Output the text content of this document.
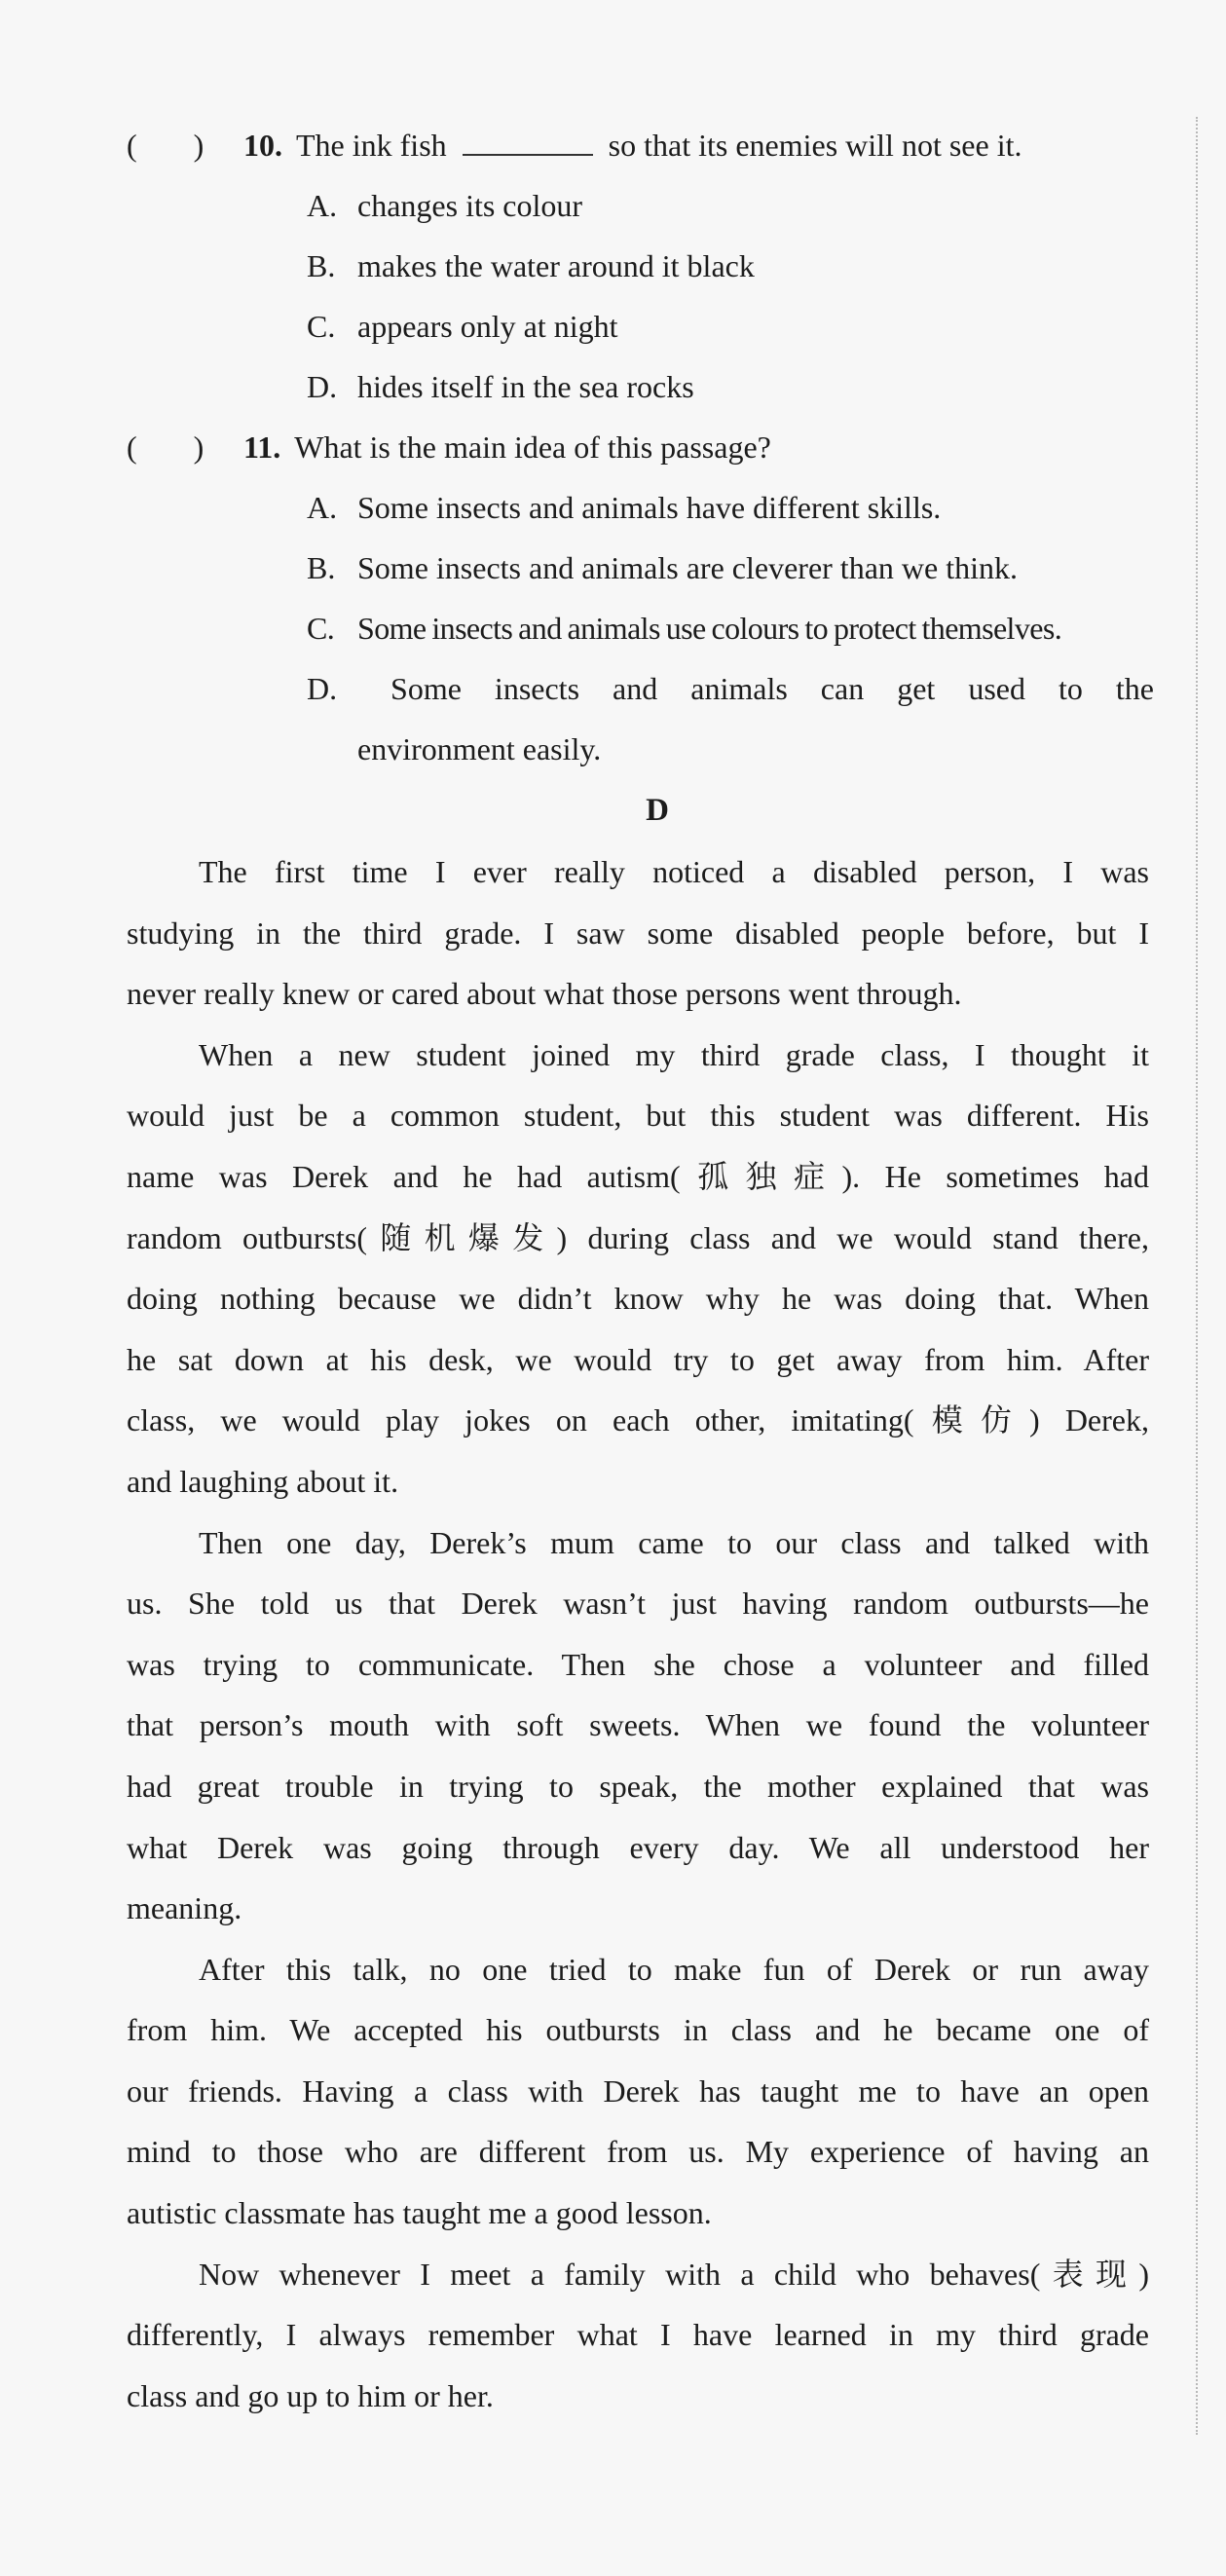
( )	10. The ink fish	so that its enemies will not see it.
A. changes its colour
B. makes the water around it black
C. appears only at night
D. hides itself in the sea rocks
( )	11. What is the main idea of this passage?
A. Some insects and animals have different skills.
B. Some insects and animals are cleverer than we think.
C. Some insects and animals use colours to protect themselves.
D.	Some insects and animals can get used to the
environment easily.
D

The first time I ever really noticed a disabled person, I was
studying in the third grade. I saw some disabled people before, but I
never really knew or cared about what those persons went through.

When a new student joined my third grade class, I thought it
would just be a common student, but this student was different. His
name was Derek and he had autism(孤独症). He sometimes had
random outbursts(随机爆发) during class and we would stand there,
doing nothing because we didn’t know why he was doing that. When
he sat down at his desk, we would try to get away from him. After
class, we would play jokes on each other, imitating(模仿) Derek,
and laughing about it.

Then one day, Derek’s mum came to our class and talked with
us. She told us that Derek wasn’t just having random outbursts—he
was trying to communicate. Then she chose a volunteer and filled
that person’s mouth with soft sweets. When we found the volunteer
had great trouble in trying to speak, the mother explained that was
what Derek was going through every day. We all understood her
meaning.

After this talk, no one tried to make fun of Derek or run away
from him. We accepted his outbursts in class and he became one of
our friends. Having a class with Derek has taught me to have an open
mind to those who are different from us. My experience of having an
autistic classmate has taught me a good lesson.

Now whenever I meet a family with a child who behaves(表现)
differently, I always remember what I have learned in my third grade
class and go up to him or her.
